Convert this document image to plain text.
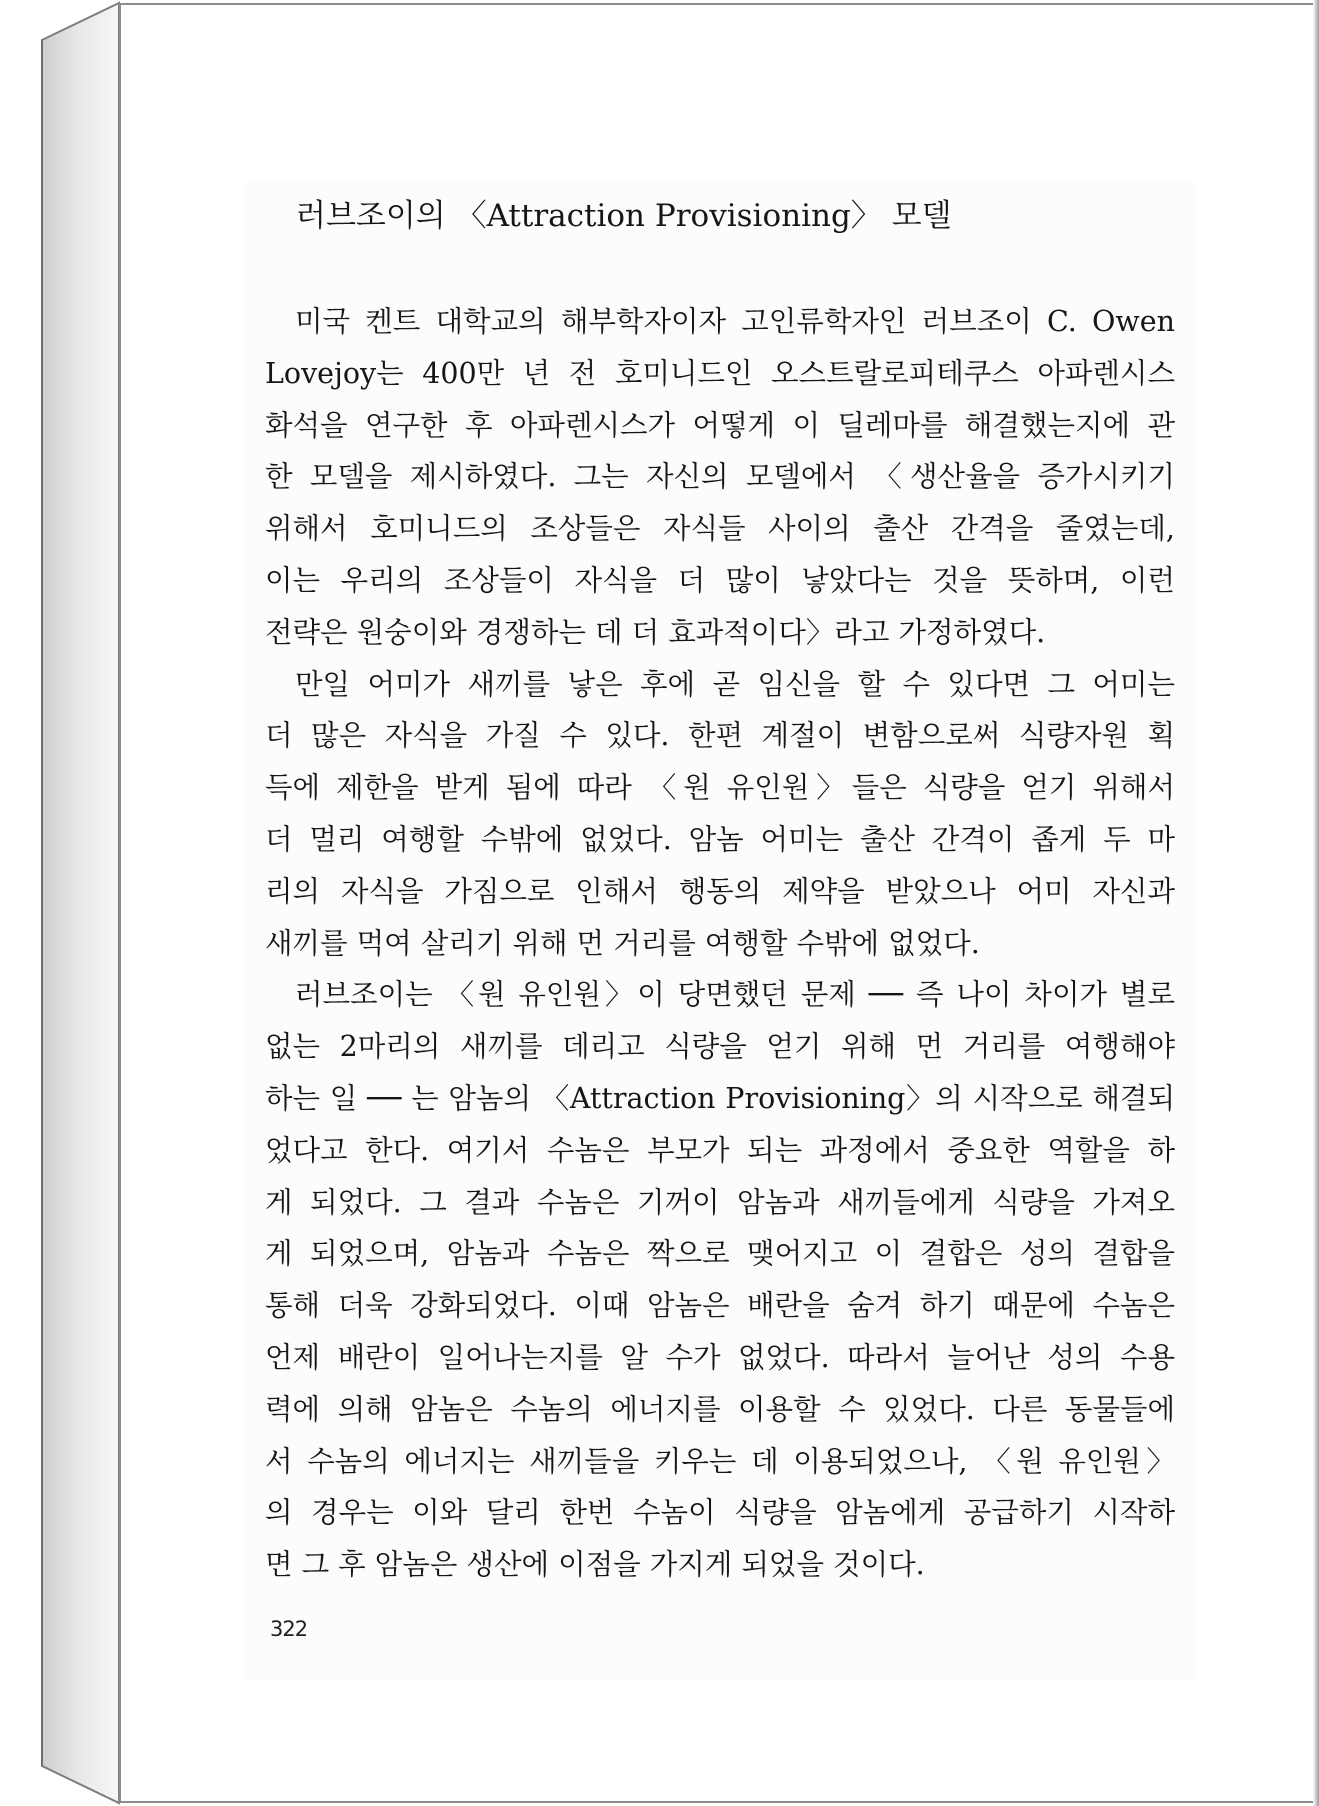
러브조이의 〈Attraction Provisioning〉 모델
미국 켄트 대학교의 해부학자이자 고인류학자인 러브조이 C. Owen
Lovejoy는 400만 년 전 호미니드인 오스트랄로피테쿠스 아파렌시스
화석을 연구한 후 아파렌시스가 어떻게 이 딜레마를 해결했는지에 관
한 모델을 제시하였다. 그는 자신의 모델에서 〈생산율을 증가시키기
위해서 호미니드의 조상들은 자식들 사이의 출산 간격을 줄였는데,
이는 우리의 조상들이 자식을 더 많이 낳았다는 것을 뜻하며, 이런
전략은 원숭이와 경쟁하는 데 더 효과적이다〉라고 가정하였다.
만일 어미가 새끼를 낳은 후에 곧 임신을 할 수 있다면 그 어미는
더 많은 자식을 가질 수 있다. 한편 계절이 변함으로써 식량자원 획
득에 제한을 받게 됨에 따라 〈원 유인원〉들은 식량을 얻기 위해서
더 멀리 여행할 수밖에 없었다. 암놈 어미는 출산 간격이 좁게 두 마
리의 자식을 가짐으로 인해서 행동의 제약을 받았으나 어미 자신과
새끼를 먹여 살리기 위해 먼 거리를 여행할 수밖에 없었다.
러브조이는 〈원 유인원〉이 당면했던 문제 ── 즉 나이 차이가 별로
없는 2마리의 새끼를 데리고 식량을 얻기 위해 먼 거리를 여행해야
하는 일 ── 는 암놈의 〈Attraction Provisioning〉의 시작으로 해결되
었다고 한다. 여기서 수놈은 부모가 되는 과정에서 중요한 역할을 하
게 되었다. 그 결과 수놈은 기꺼이 암놈과 새끼들에게 식량을 가져오
게 되었으며, 암놈과 수놈은 짝으로 맺어지고 이 결합은 성의 결합을
통해 더욱 강화되었다. 이때 암놈은 배란을 숨겨 하기 때문에 수놈은
언제 배란이 일어나는지를 알 수가 없었다. 따라서 늘어난 성의 수용
력에 의해 암놈은 수놈의 에너지를 이용할 수 있었다. 다른 동물들에
서 수놈의 에너지는 새끼들을 키우는 데 이용되었으나, 〈원 유인원〉
의 경우는 이와 달리 한번 수놈이 식량을 암놈에게 공급하기 시작하
면 그 후 암놈은 생산에 이점을 가지게 되었을 것이다.
322
